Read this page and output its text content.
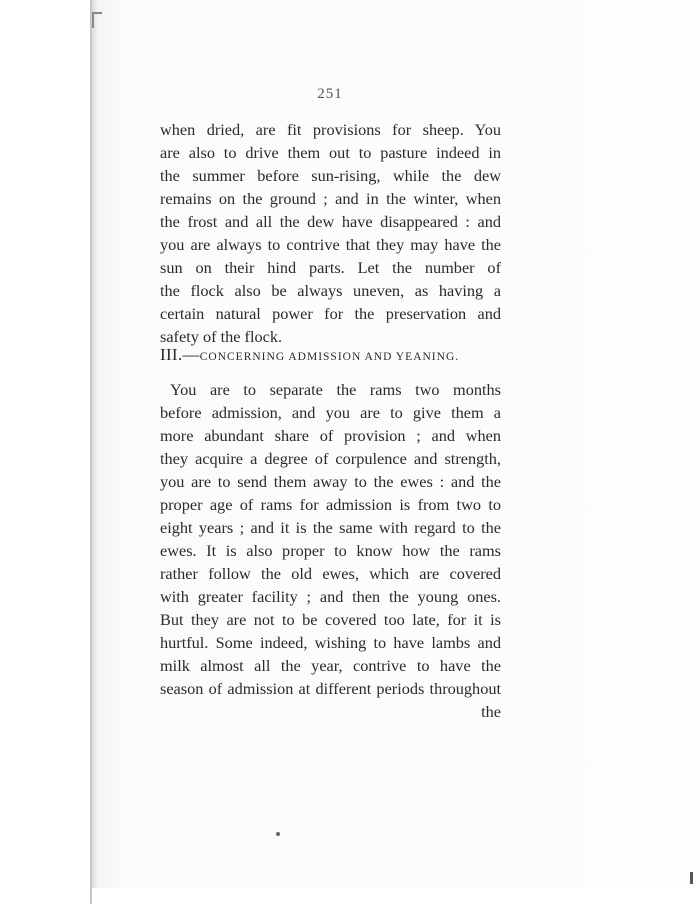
251
when dried, are fit provisions for sheep. You
are also to drive them out to pasture indeed in
the summer before sun-rising, while the dew
remains on the ground ; and in the winter, when
the frost and all the dew have disappeared : and
you are always to contrive that they may have the
sun on their hind parts. Let the number of
the flock also be always uneven, as having a
certain natural power for the preservation and
safety of the flock.
III.—CONCERNING ADMISSION AND YEANING.
You are to separate the rams two months
before admission, and you are to give them a
more abundant share of provision ; and when
they acquire a degree of corpulence and strength,
you are to send them away to the ewes : and the
proper age of rams for admission is from two to
eight years ; and it is the same with regard to the
ewes. It is also proper to know how the rams
rather follow the old ewes, which are covered
with greater facility ; and then the young ones.
But they are not to be covered too late, for it is
hurtful. Some indeed, wishing to have lambs and
milk almost all the year, contrive to have the
season of admission at different periods throughout
the
